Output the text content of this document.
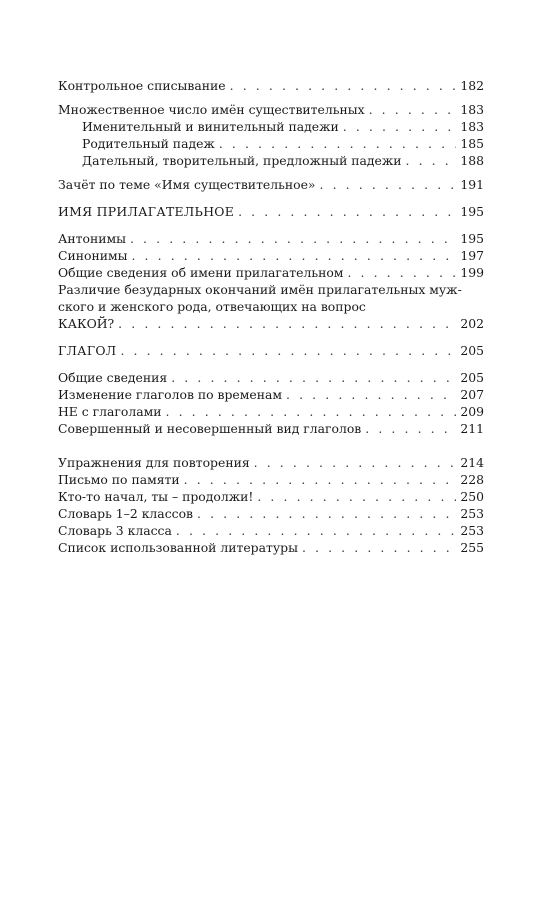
Контрольное списывание . . .	182
Множественное число имён существительных . . .	183
Именительный и винительный падежи . . .	183
Родительный падеж . . .	185
Дательный, творительный, предложный падежи . . .	188
Зачёт по теме «Имя существительное» . . .	191
ИМЯ ПРИЛАГАТЕЛЬНОЕ . . .	195
Антонимы . . .	195
Синонимы . . .	197
Общие сведения об имени прилагательном . . .	199
Различие безударных окончаний имён прилагательных муж-
ского и женского рода, отвечающих на вопрос
КАКОЙ? . . .	202
ГЛАГОЛ . . .	205
Общие сведения . . .	205
Изменение глаголов по временам . . .	207
НЕ с глаголами . . .	209
Совершенный и несовершенный вид глаголов . . .	211
Упражнения для повторения . . .	214
Письмо по памяти . . .	228
Кто-то начал, ты – продолжи! . . .	250
Словарь 1–2 классов . . .	253
Словарь 3 класса . . .	253
Список использованной литературы . . .	255
